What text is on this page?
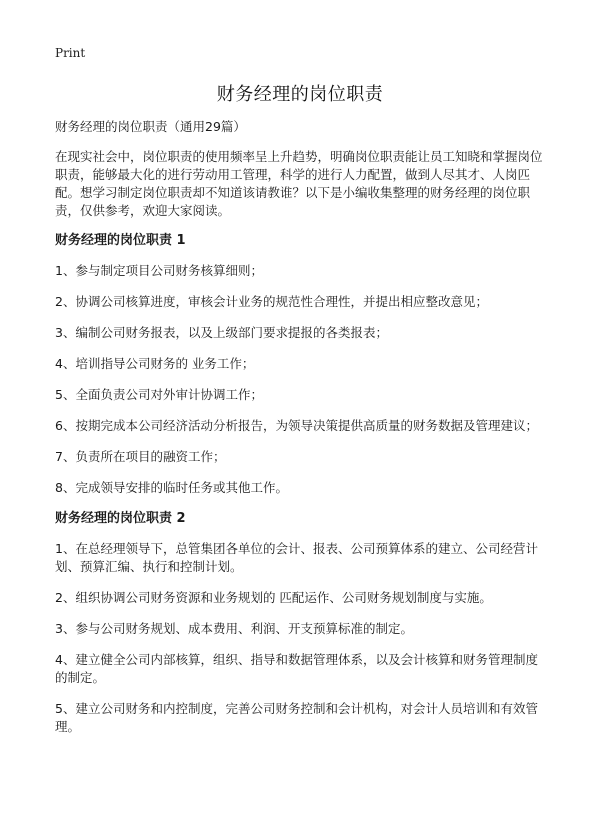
Print
财务经理的岗位职责

财务经理的岗位职责（通用29篇）

在现实社会中，岗位职责的使用频率呈上升趋势，明确岗位职责能让员工知晓和掌握岗位职责，能够最大化的进行劳动用工管理，科学的进行人力配置，做到人尽其才、人岗匹配。想学习制定岗位职责却不知道该请教谁？以下是小编收集整理的财务经理的岗位职责，仅供参考，欢迎大家阅读。

财务经理的岗位职责 1

1、参与制定项目公司财务核算细则；

2、协调公司核算进度，审核会计业务的规范性合理性，并提出相应整改意见；

3、编制公司财务报表，以及上级部门要求提报的各类报表；

4、培训指导公司财务的 业务工作；

5、全面负责公司对外审计协调工作；

6、按期完成本公司经济活动分析报告，为领导决策提供高质量的财务数据及管理建议；

7、负责所在项目的融资工作；

8、完成领导安排的临时任务或其他工作。

财务经理的岗位职责 2

1、在总经理领导下，总管集团各单位的会计、报表、公司预算体系的建立、公司经营计划、预算汇编、执行和控制计划。

2、组织协调公司财务资源和业务规划的 匹配运作、公司财务规划制度与实施。

3、参与公司财务规划、成本费用、利润、开支预算标准的制定。

4、建立健全公司内部核算，组织、指导和数据管理体系，以及会计核算和财务管理制度的制定。

5、建立公司财务和内控制度，完善公司财务控制和会计机构，对会计人员培训和有效管理。
